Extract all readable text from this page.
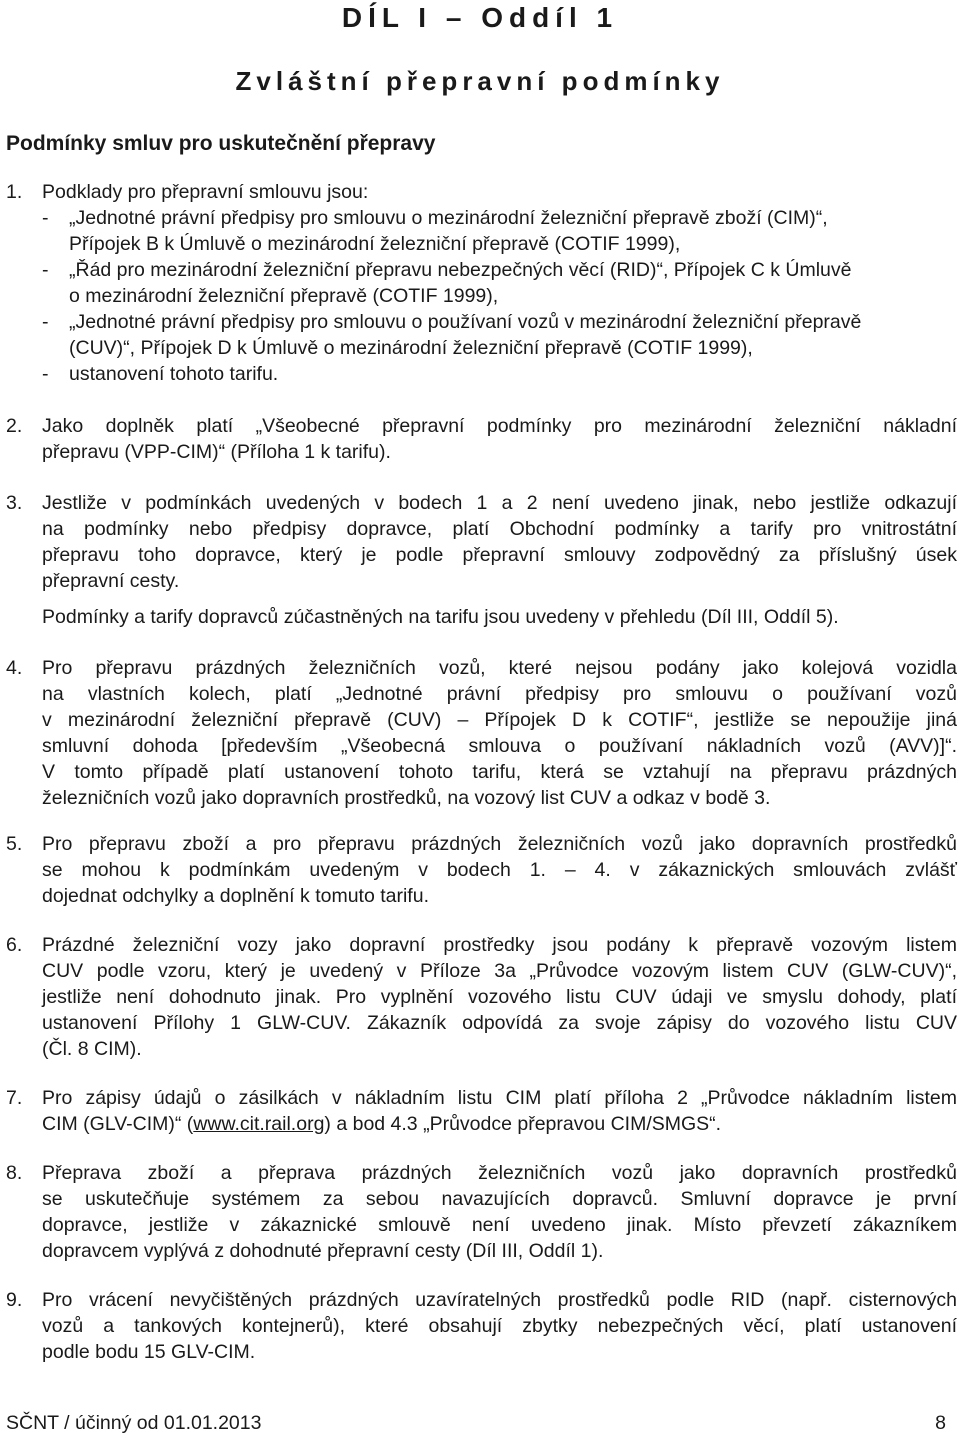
DÍL I – Oddíl 1
Zvláštní přepravní podmínky
Podmínky smluv pro uskutečnění přepravy
1. Podklady pro přepravní smlouvu jsou:
- „Jednotné právní předpisy pro smlouvu o mezinárodní železniční přepravě zboží (CIM)“,
Přípojek B k Úmluvě o mezinárodní železniční přepravě (COTIF 1999),
- „Řád pro mezinárodní železniční přepravu nebezpečných věcí (RID)“, Přípojek C k Úmluvě
o mezinárodní železniční přepravě (COTIF 1999),
- „Jednotné právní předpisy pro smlouvu o používaní vozů v mezinárodní železniční přepravě
(CUV)“, Přípojek D k Úmluvě o mezinárodní železniční přepravě (COTIF 1999),
- ustanovení tohoto tarifu.
2. Jako doplněk platí „Všeobecné přepravní podmínky pro mezinárodní železniční nákladní
přepravu (VPP-CIM)“ (Příloha 1 k tarifu).
3. Jestliže v podmínkách uvedených v bodech 1 a 2 není uvedeno jinak, nebo jestliže odkazují
na podmínky nebo předpisy dopravce, platí Obchodní podmínky a tarify pro vnitrostátní
přepravu toho dopravce, který je podle přepravní smlouvy zodpovědný za příslušný úsek
přepravní cesty.
Podmínky a tarify dopravců zúčastněných na tarifu jsou uvedeny v přehledu (Díl III, Oddíl 5).
4. Pro přepravu prázdných železničních vozů, které nejsou podány jako kolejová vozidla
na vlastních kolech, platí „Jednotné právní předpisy pro smlouvu o používaní vozů
v mezinárodní železniční přepravě (CUV) – Přípojek D k COTIF“, jestliže se nepoužije jiná
smluvní dohoda [především „Všeobecná smlouva o používaní nákladních vozů (AVV)]“.
V tomto případě platí ustanovení tohoto tarifu, která se vztahují na přepravu prázdných
železničních vozů jako dopravních prostředků, na vozový list CUV a odkaz v bodě 3.
5. Pro přepravu zboží a pro přepravu prázdných železničních vozů jako dopravních prostředků
se mohou k podmínkám uvedeným v bodech 1. – 4. v zákaznických smlouvách zvlášť
dojednat odchylky a doplnění k tomuto tarifu.
6. Prázdné železniční vozy jako dopravní prostředky jsou podány k přepravě vozovým listem
CUV podle vzoru, který je uvedený v Příloze 3a „Průvodce vozovým listem CUV (GLW-CUV)“,
jestliže není dohodnuto jinak. Pro vyplnění vozového listu CUV údaji ve smyslu dohody, platí
ustanovení Přílohy 1 GLW-CUV. Zákazník odpovídá za svoje zápisy do vozového listu CUV
(Čl. 8 CIM).
7. Pro zápisy údajů o zásilkách v nákladním listu CIM platí příloha 2 „Průvodce nákladním listem
CIM (GLV-CIM)“ (www.cit.rail.org) a bod 4.3 „Průvodce přepravou CIM/SMGS“.
8. Přeprava zboží a přeprava prázdných železničních vozů jako dopravních prostředků
se uskutečňuje systémem za sebou navazujících dopravců. Smluvní dopravce je první
dopravce, jestliže v zákaznické smlouvě není uvedeno jinak. Místo převzetí zákazníkem
dopravcem vyplývá z dohodnuté přepravní cesty (Díl III, Oddíl 1).
9. Pro vrácení nevyčištěných prázdných uzavíratelných prostředků podle RID (např. cisternových
vozů a tankových kontejnerů), které obsahují zbytky nebezpečných věcí, platí ustanovení
podle bodu 15 GLV-CIM.
SČNT / účinný od 01.01.2013	8
